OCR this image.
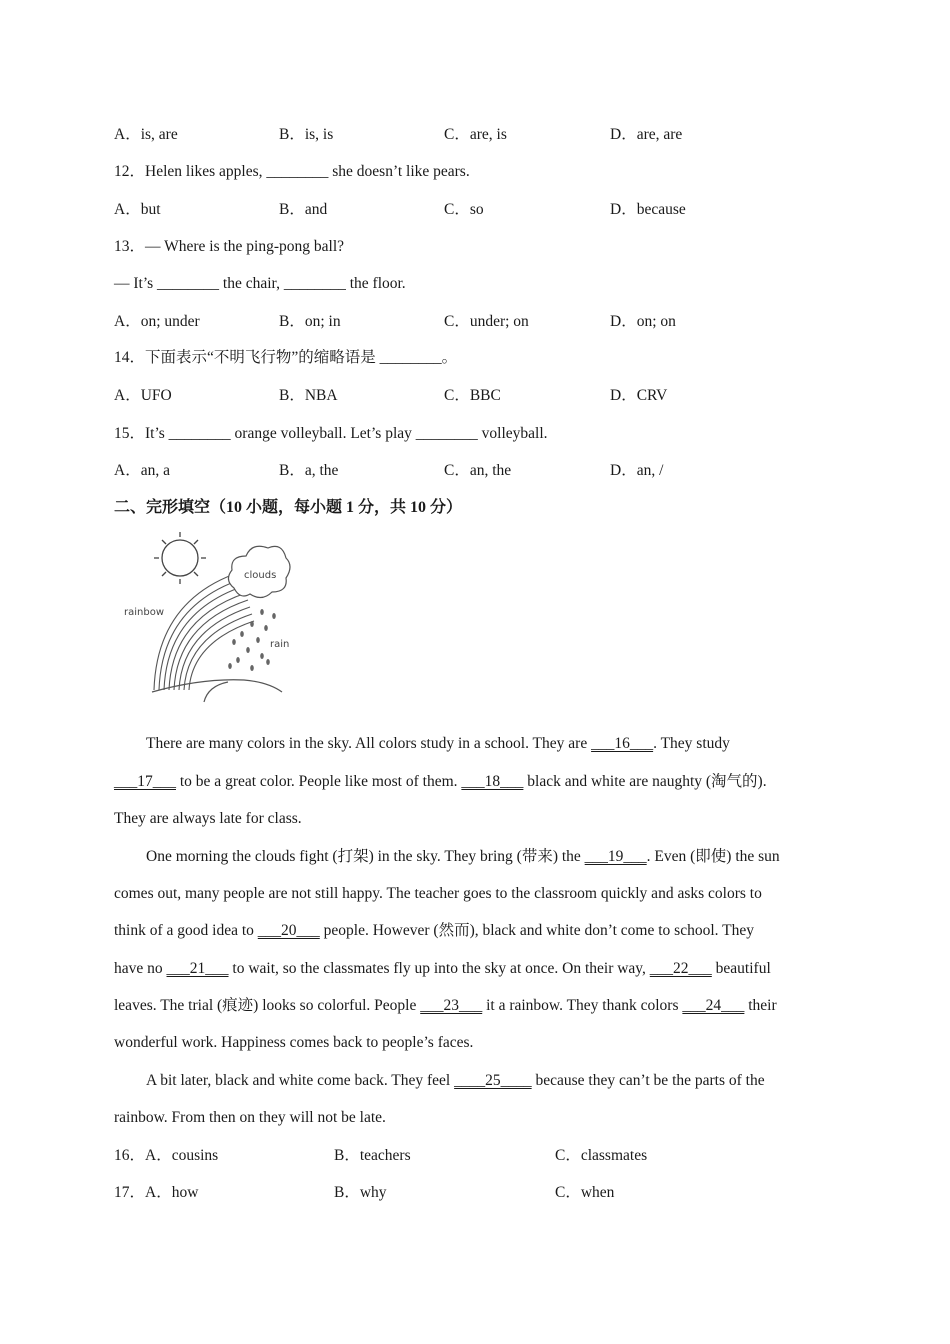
A．is, are	B．is, is	C．are, is	D．are, are
12．Helen likes apples, ________ she doesn’t like pears.
A．but	B．and	C．so	D．because
13．— Where is the ping-pong ball?
— It’s ________ the chair, ________ the floor.
A．on; under	B．on; in	C．under; on	D．on; on
14．下面表示“不明飞行物”的缩略语是 ________。
A．UFO	B．NBA	C．BBC	D．CRV
15．It’s ________ orange volleyball. Let’s play ________ volleyball.
A．an, a	B．a, the	C．an, the	D．an, /
二、完形填空（10 小题，每小题 1 分，共 10 分）
clouds
rainbow
rain
There are many colors in the sky. All colors study in a school. They are ___16___. They study
___17___ to be a great color. People like most of them. ___18___ black and white are naughty (淘气的).
They are always late for class.
One morning the clouds fight (打架) in the sky. They bring (带来) the ___19___. Even (即使) the sun
comes out, many people are not still happy. The teacher goes to the classroom quickly and asks colors to
think of a good idea to ___20___ people. However (然而), black and white don’t come to school. They
have no ___21___ to wait, so the classmates fly up into the sky at once. On their way, ___22___ beautiful
leaves. The trial (痕迹) looks so colorful. People ___23___ it a rainbow. They thank colors ___24___ their
wonderful work. Happiness comes back to people’s faces.
A bit later, black and white come back. They feel ____25____ because they can’t be the parts of the
rainbow. From then on they will not be late.
16．A．cousins	B．teachers	C．classmates
17．A．how	B．why	C．when
